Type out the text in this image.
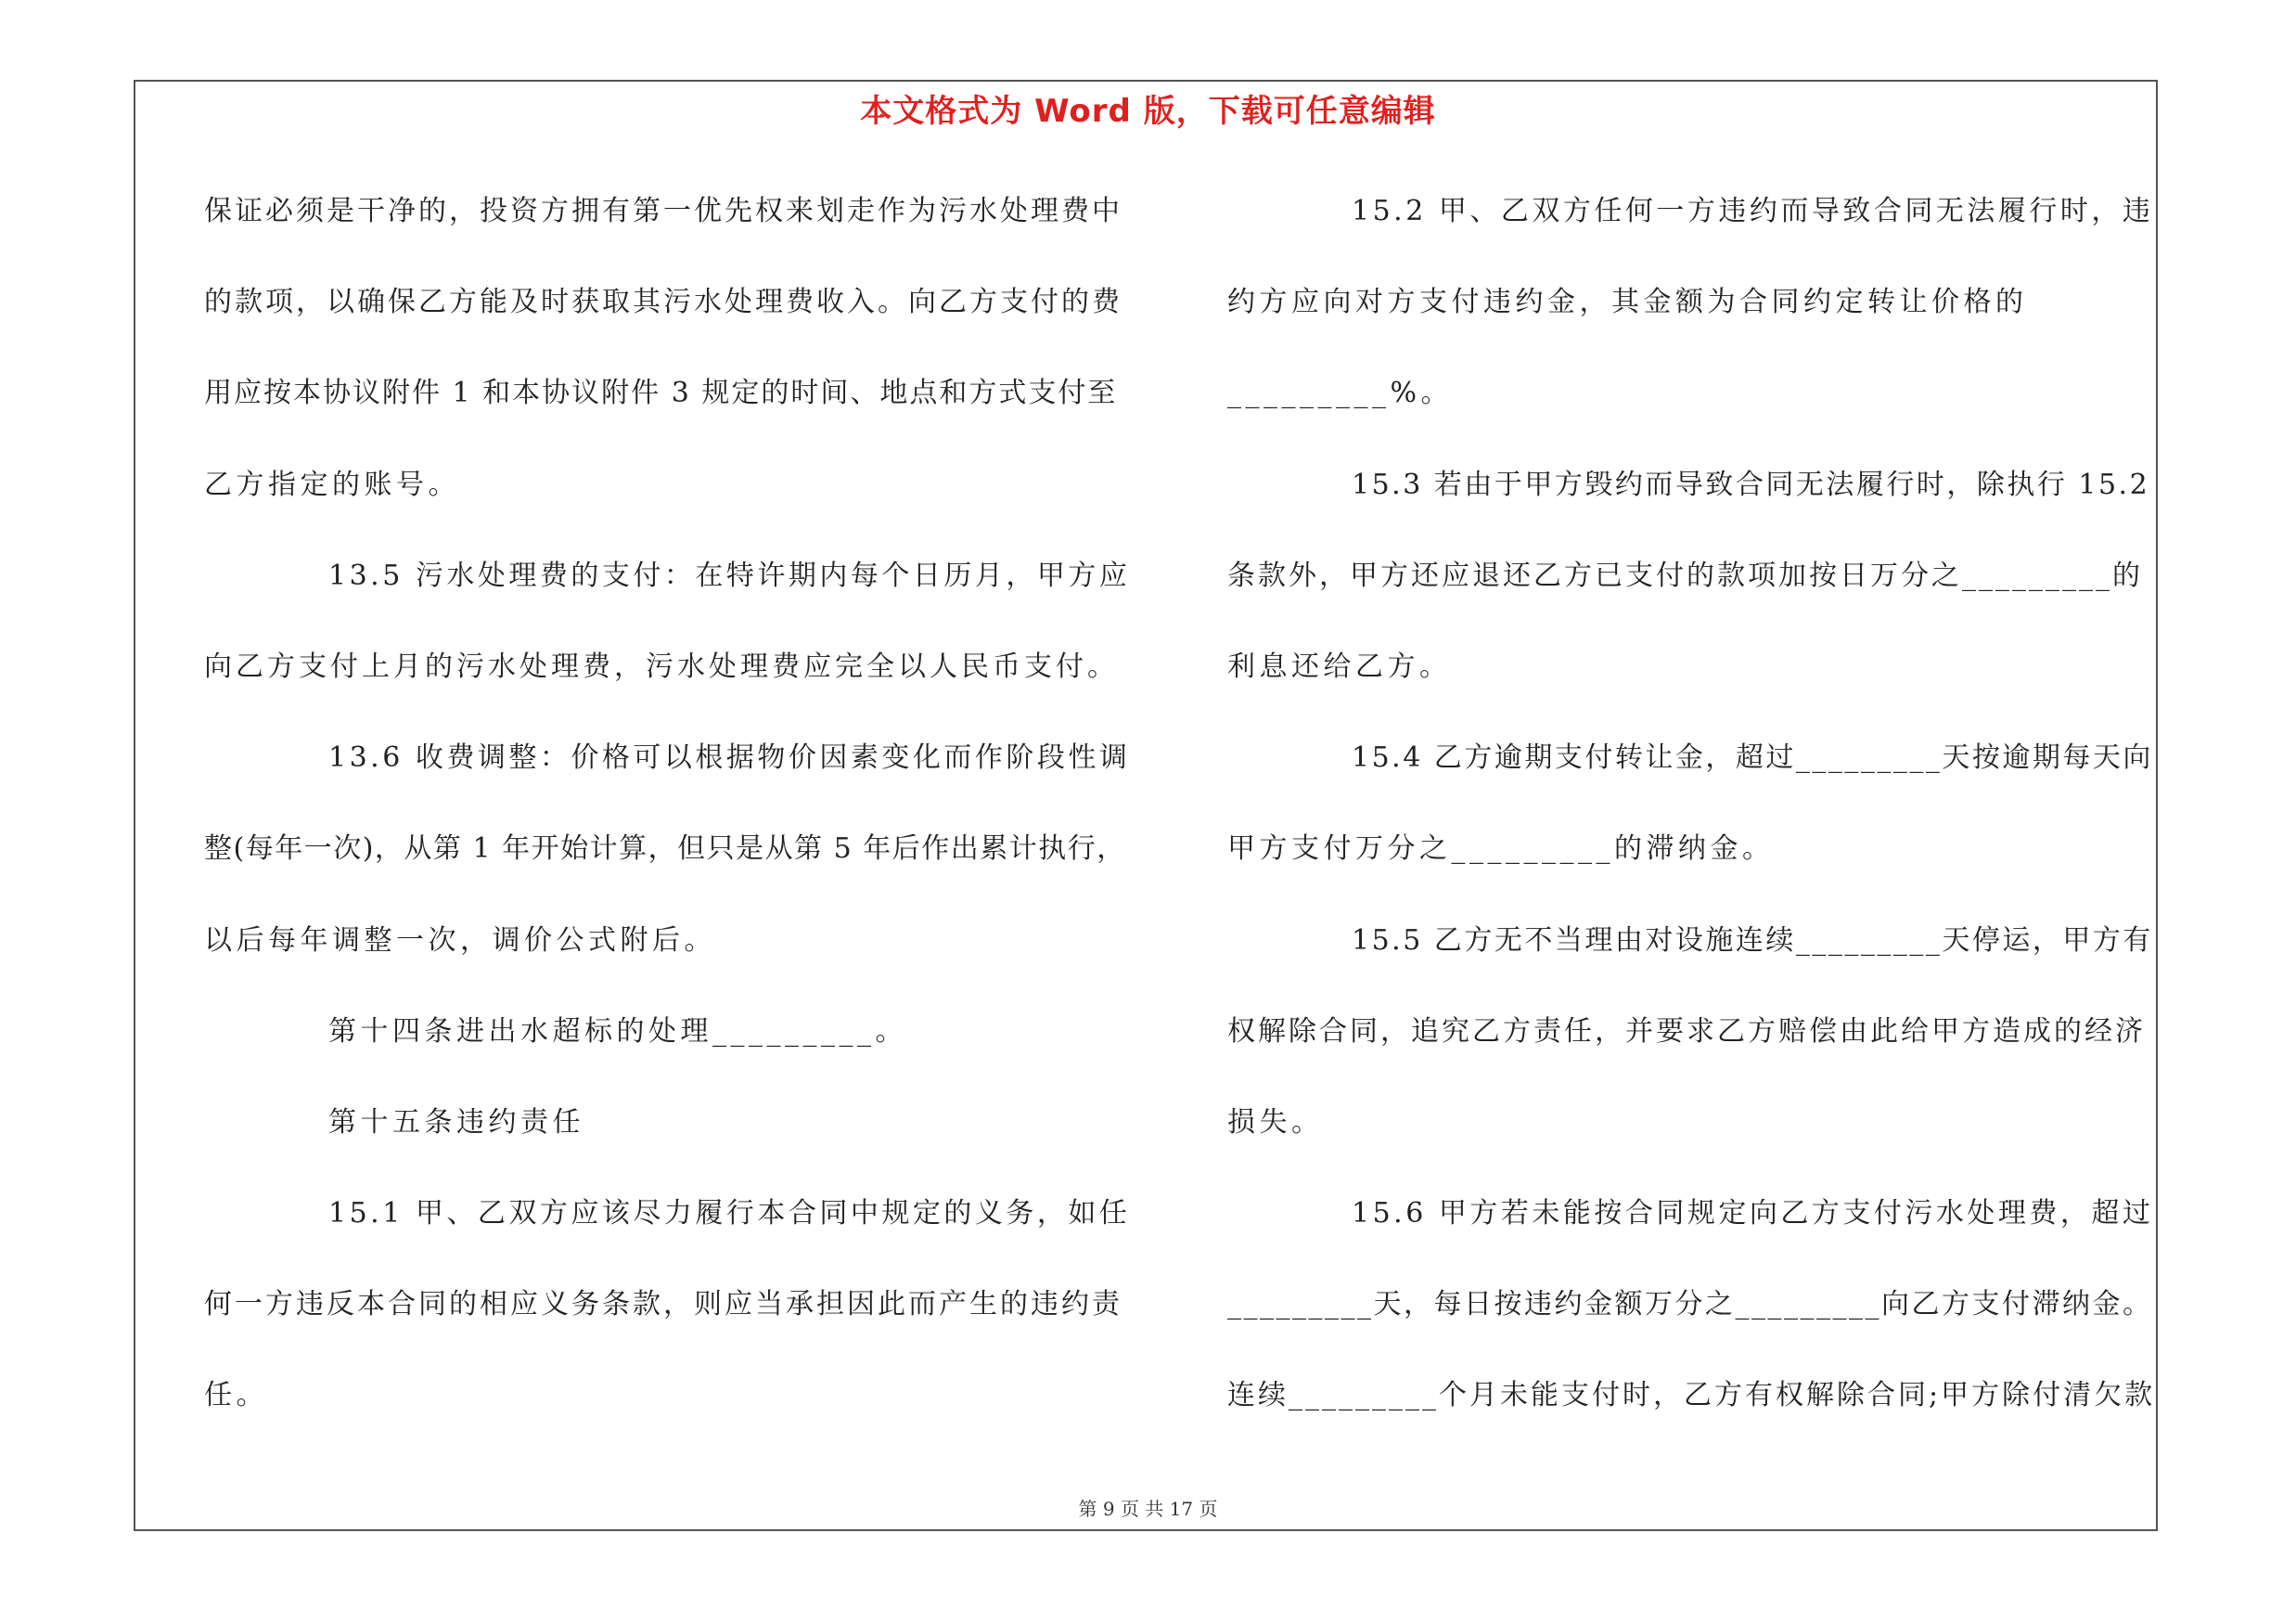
本文格式为 Word 版，下载可任意编辑
保证必须是干净的，投资方拥有第一优先权来划走作为污水处理费中
的款项，以确保乙方能及时获取其污水处理费收入。向乙方支付的费
用应按本协议附件 1 和本协议附件 3 规定的时间、地点和方式支付至
乙方指定的账号。
13.5 污水处理费的支付：在特许期内每个日历月，甲方应
向乙方支付上月的污水处理费，污水处理费应完全以人民币支付。
13.6 收费调整：价格可以根据物价因素变化而作阶段性调
整(每年一次)，从第 1 年开始计算，但只是从第 5 年后作出累计执行，
以后每年调整一次，调价公式附后。
第十四条进出水超标的处理_________。
第十五条违约责任
15.1 甲、乙双方应该尽力履行本合同中规定的义务，如任
何一方违反本合同的相应义务条款，则应当承担因此而产生的违约责
任。
15.2 甲、乙双方任何一方违约而导致合同无法履行时，违
约方应向对方支付违约金，其金额为合同约定转让价格的
_________%。
15.3 若由于甲方毁约而导致合同无法履行时，除执行 15.2
条款外，甲方还应退还乙方已支付的款项加按日万分之_________的
利息还给乙方。
15.4 乙方逾期支付转让金，超过_________天按逾期每天向
甲方支付万分之_________的滞纳金。
15.5 乙方无不当理由对设施连续_________天停运，甲方有
权解除合同，追究乙方责任，并要求乙方赔偿由此给甲方造成的经济
损失。
15.6 甲方若未能按合同规定向乙方支付污水处理费，超过
_________天，每日按违约金额万分之_________向乙方支付滞纳金。
连续_________个月未能支付时，乙方有权解除合同;甲方除付清欠款
第 9 页 共 17 页
